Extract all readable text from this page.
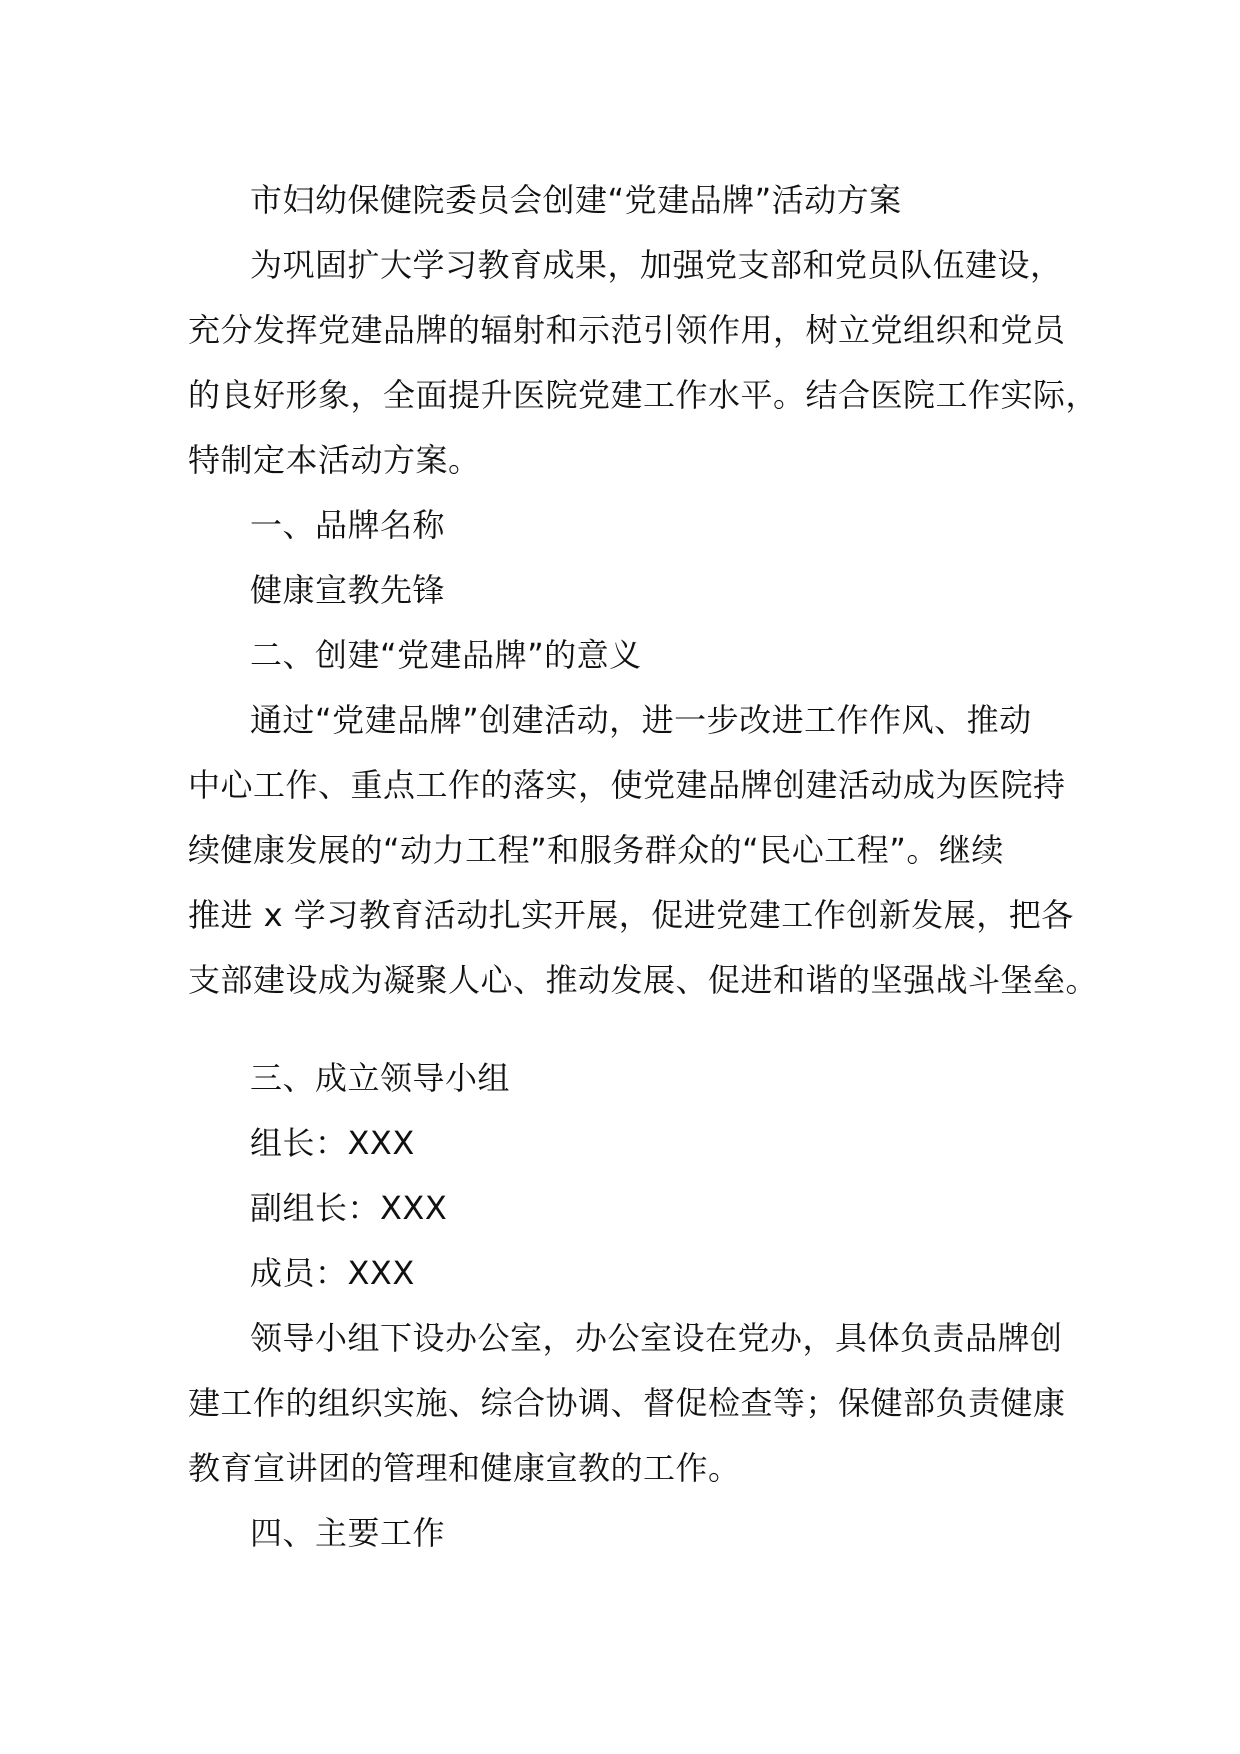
市妇幼保健院委员会创建“党建品牌”活动方案

为巩固扩大学习教育成果，加强党支部和党员队伍建设，

充分发挥党建品牌的辐射和示范引领作用，树立党组织和党员

的良好形象，全面提升医院党建工作水平。结合医院工作实际，

特制定本活动方案。

一、品牌名称

健康宣教先锋

二、创建“党建品牌”的意义

通过“党建品牌”创建活动，进一步改进工作作风、推动

中心工作、重点工作的落实，使党建品牌创建活动成为医院持

续健康发展的“动力工程”和服务群众的“民心工程”。继续

推进 x 学习教育活动扎实开展，促进党建工作创新发展，把各

支部建设成为凝聚人心、推动发展、促进和谐的坚强战斗堡垒。

三、成立领导小组

组长：XXX

副组长：XXX

成员：XXX

领导小组下设办公室，办公室设在党办，具体负责品牌创

建工作的组织实施、综合协调、督促检查等；保健部负责健康

教育宣讲团的管理和健康宣教的工作。

四、主要工作
